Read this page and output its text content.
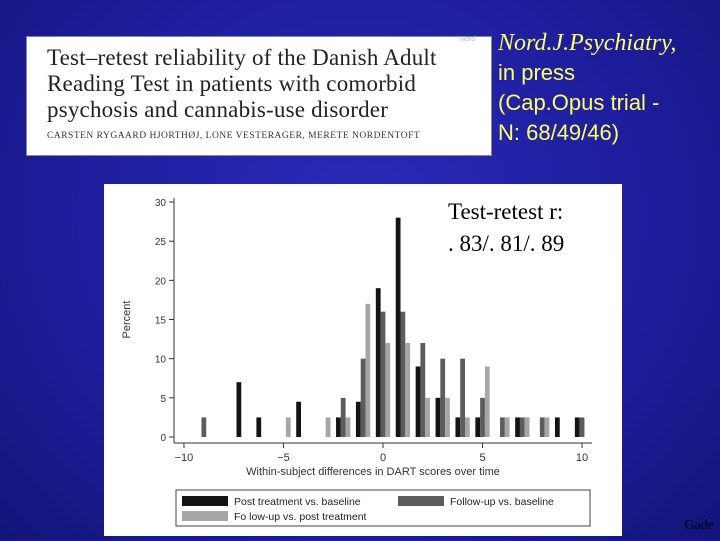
Test–retest reliability of the Danish Adult
Reading Test in patients with comorbid
psychosis and cannabis-use disorder
CARSTEN RYGAARD HJORTHØJ, LONE VESTERAGER, MERETE NORDENTOFT
Nord Nord.J.Psychiatry,
in press
(Cap.Opus trial -
N: 68/49/46)
0
5
10
15
20
25
30
−10	−5	0	5	10
Percent
Within-subject differences in DART scores over time
Post treatment vs. baseline	Follow-up vs. baseline
Fo low-up vs. post treatment
Test-retest r:
. 83/. 81/. 89
Gade
